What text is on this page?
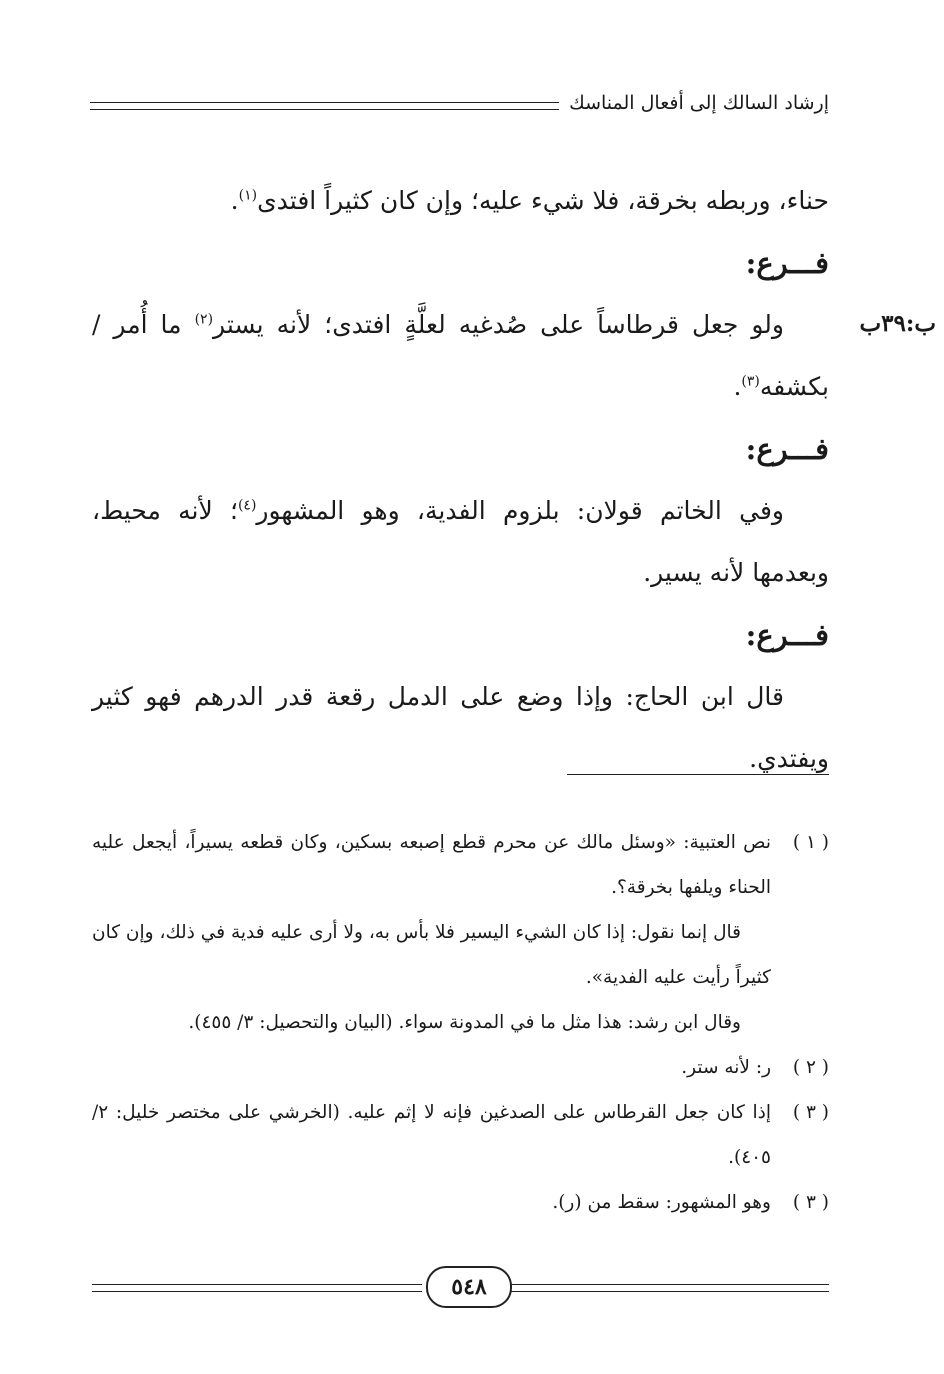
إرشاد السالك إلى أفعال المناسك
ب:٣٩ب

حناء، وربطه بخرقة، فلا شيء عليه؛ وإن كان كثيراً افتدى$^{(١)}$.

فـــرع:

ولو جعل قرطاساً على صُدغيه لعلَّةٍ افتدى؛ لأنه يستر$^{(٢)}$ ما أُمر / بكشفه$^{(٣)}$.

فـــرع:

وفي الخاتم قولان: بلزوم الفدية، وهو المشهور$^{(٤)}$؛ لأنه محيط، وبعدمها لأنه يسير.

فـــرع:

قال ابن الحاج: وإذا وضع على الدمل رقعة قدر الدرهم فهو كثير ويفتدي.

( ١ )
نص العتبية: «وسئل مالك عن محرم قطع إصبعه بسكين، وكان قطعه يسيراً، أيجعل عليه الحناء ويلفها بخرقة؟.
قال إنما نقول: إذا كان الشيء اليسير فلا بأس به، ولا أرى عليه فدية في ذلك، وإن كان كثيراً رأيت عليه الفدية».
وقال ابن رشد: هذا مثل ما في المدونة سواء. (البيان والتحصيل: ٣/ ٤٥٥).
( ٢ )
ر: لأنه ستر.
( ٣ )
إذا كان جعل القرطاس على الصدغين فإنه لا إثم عليه. (الخرشي على مختصر خليل: ٢/ ٤٠٥).
( ٣ )
وهو المشهور: سقط من (ر).
٥٤٨
